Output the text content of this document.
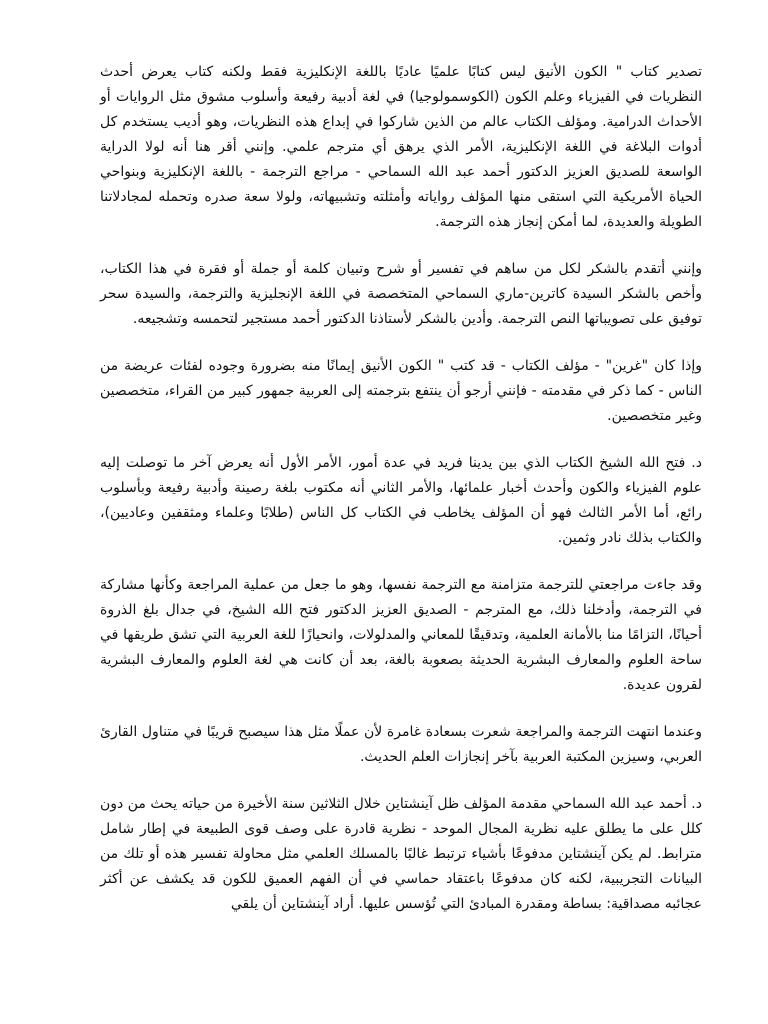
تصدير كتاب " الكون الأنيق ليس كتابًا علميًا عاديًا باللغة الإنكليزية فقط ولكنه كتاب يعرض أحدث النظريات في الفيزياء وعلم الكون (الكوسمولوجيا) في لغة أدبية رفيعة وأسلوب مشوق مثل الروايات أو الأحداث الدرامية. ومؤلف الكتاب عالم من الذين شاركوا في إبداع هذه النظريات، وهو أديب يستخدم كل أدوات البلاغة في اللغة الإنكليزية، الأمر الذي يرهق أي مترجم علمي. وإنني أقر هنا أنه لولا الدراية الواسعة للصديق العزيز الدكتور أحمد عبد الله السماحي - مراجع الترجمة - باللغة الإنكليزية وبنواحي الحياة الأمريكية التي استقى منها المؤلف رواياته وأمثلته وتشبيهاته، ولولا سعة صدره وتحمله لمجادلاتنا الطويلة والعديدة، لما أمكن إنجاز هذه الترجمة.

وإنني أتقدم بالشكر لكل من ساهم في تفسير أو شرح وتبيان كلمة أو جملة أو فقرة في هذا الكتاب، وأخص بالشكر السيدة كاترين-ماري السماحي المتخصصة في اللغة الإنجليزية والترجمة، والسيدة سحر توفيق على تصويباتها النص الترجمة. وأدين بالشكر لأستاذنا الدكتور أحمد مستجير لتحمسه وتشجيعه.

وإذا كان "غرين" - مؤلف الكتاب - قد كتب " الكون الأنيق إيمانًا منه بضرورة وجوده لفئات عريضة من الناس - كما ذكر في مقدمته - فإنني أرجو أن ينتفع بترجمته إلى العربية جمهور كبير من القراء، متخصصين وغير متخصصين.

د. فتح الله الشيخ الكتاب الذي بين يدينا فريد في عدة أمور، الأمر الأول أنه يعرض آخر ما توصلت إليه علوم الفيزياء والكون وأحدث أخبار علمائها، والأمر الثاني أنه مكتوب بلغة رصينة وأدبية رفيعة وبأسلوب رائع، أما الأمر الثالث فهو أن المؤلف يخاطب في الكتاب كل الناس (طلابًا وعلماء ومثقفين وعاديين)، والكتاب بذلك نادر وثمين.

وقد جاءت مراجعتي للترجمة متزامنة مع الترجمة نفسها، وهو ما جعل من عملية المراجعة وكأنها مشاركة في الترجمة، وأدخلنا ذلك، مع المترجم - الصديق العزيز الدكتور فتح الله الشيخ، في جدال بلغ الذروة أحيانًا، التزامًا منا بالأمانة العلمية، وتدقيقًا للمعاني والمدلولات، وانحيازًا للغة العربية التي تشق طريقها في ساحة العلوم والمعارف البشرية الحديثة بصعوبة بالغة، بعد أن كانت هي لغة العلوم والمعارف البشرية لقرون عديدة.

وعندما انتهت الترجمة والمراجعة شعرت بسعادة غامرة لأن عملًا مثل هذا سيصبح قريبًا في متناول القارئ العربي، وسيزين المكتبة العربية بآخر إنجازات العلم الحديث.

د. أحمد عبد الله السماحي مقدمة المؤلف ظل آينشتاين خلال الثلاثين سنة الأخيرة من حياته يحث من دون كلل على ما يطلق عليه نظرية المجال الموحد - نظرية قادرة على وصف قوى الطبيعة في إطار شامل مترابط. لم يكن آينشتاين مدفوعًا بأشياء ترتبط غالبًا بالمسلك العلمي مثل محاولة تفسير هذه أو تلك من البيانات التجريبية، لكنه كان مدفوعًا باعتقاد حماسي في أن الفهم العميق للكون قد يكشف عن أكثر عجائبه مصداقية: بساطة ومقدرة المبادئ التي تُؤسس عليها. أراد آينشتاين أن يلقي
